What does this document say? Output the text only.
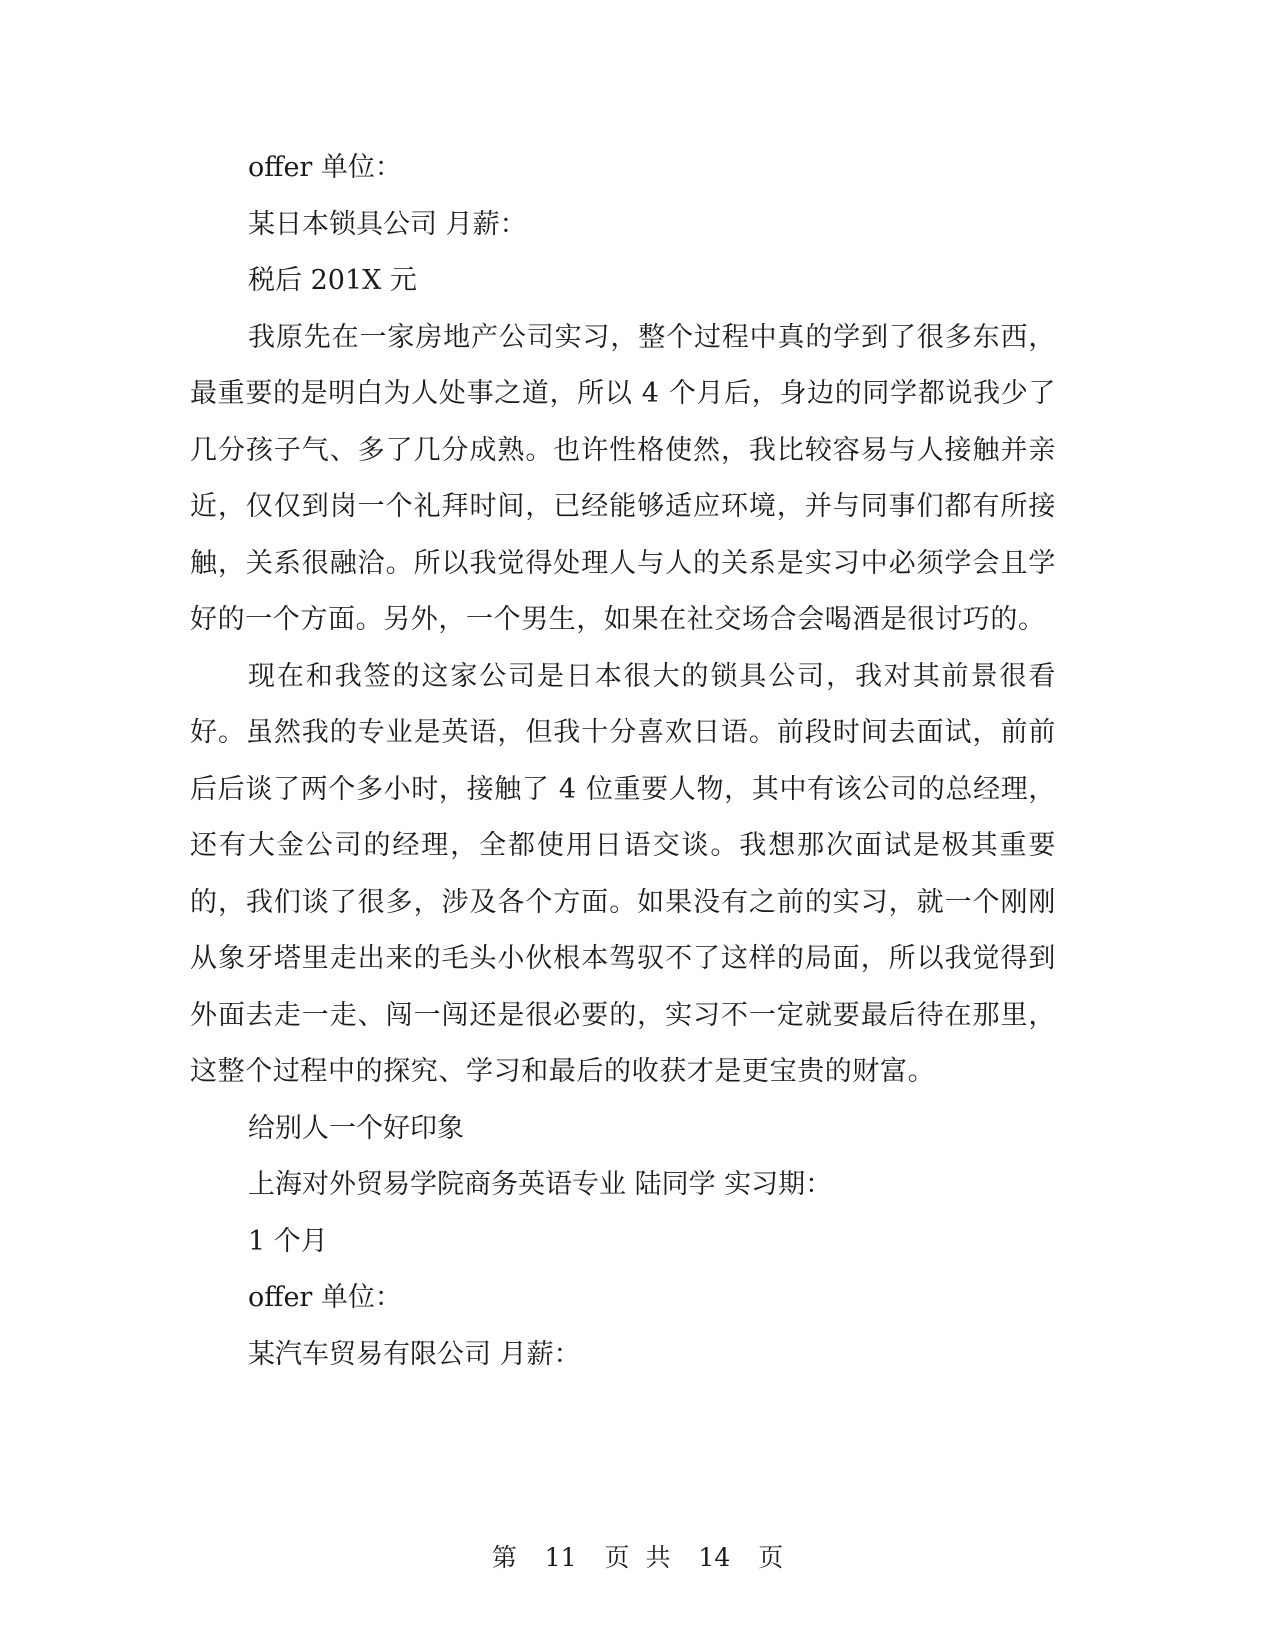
offer 单位：
某日本锁具公司 月薪：
税后 201X 元

我原先在一家房地产公司实习，整个过程中真的学到了很多东西，最重要的是明白为人处事之道，所以 4 个月后，身边的同学都说我少了几分孩子气、多了几分成熟。也许性格使然，我比较容易与人接触并亲近，仅仅到岗一个礼拜时间，已经能够适应环境，并与同事们都有所接触，关系很融洽。所以我觉得处理人与人的关系是实习中必须学会且学好的一个方面。另外，一个男生，如果在社交场合会喝酒是很讨巧的。

现在和我签的这家公司是日本很大的锁具公司，我对其前景很看好。虽然我的专业是英语，但我十分喜欢日语。前段时间去面试，前前后后谈了两个多小时，接触了 4 位重要人物，其中有该公司的总经理，还有大金公司的经理，全都使用日语交谈。我想那次面试是极其重要的，我们谈了很多，涉及各个方面。如果没有之前的实习，就一个刚刚从象牙塔里走出来的毛头小伙根本驾驭不了这样的局面，所以我觉得到外面去走一走、闯一闯还是很必要的，实习不一定就要最后待在那里，这整个过程中的探究、学习和最后的收获才是更宝贵的财富。

给别人一个好印象
上海对外贸易学院商务英语专业 陆同学 实习期：
1 个月
offer 单位：
某汽车贸易有限公司 月薪：
第 11 页 共 14 页
